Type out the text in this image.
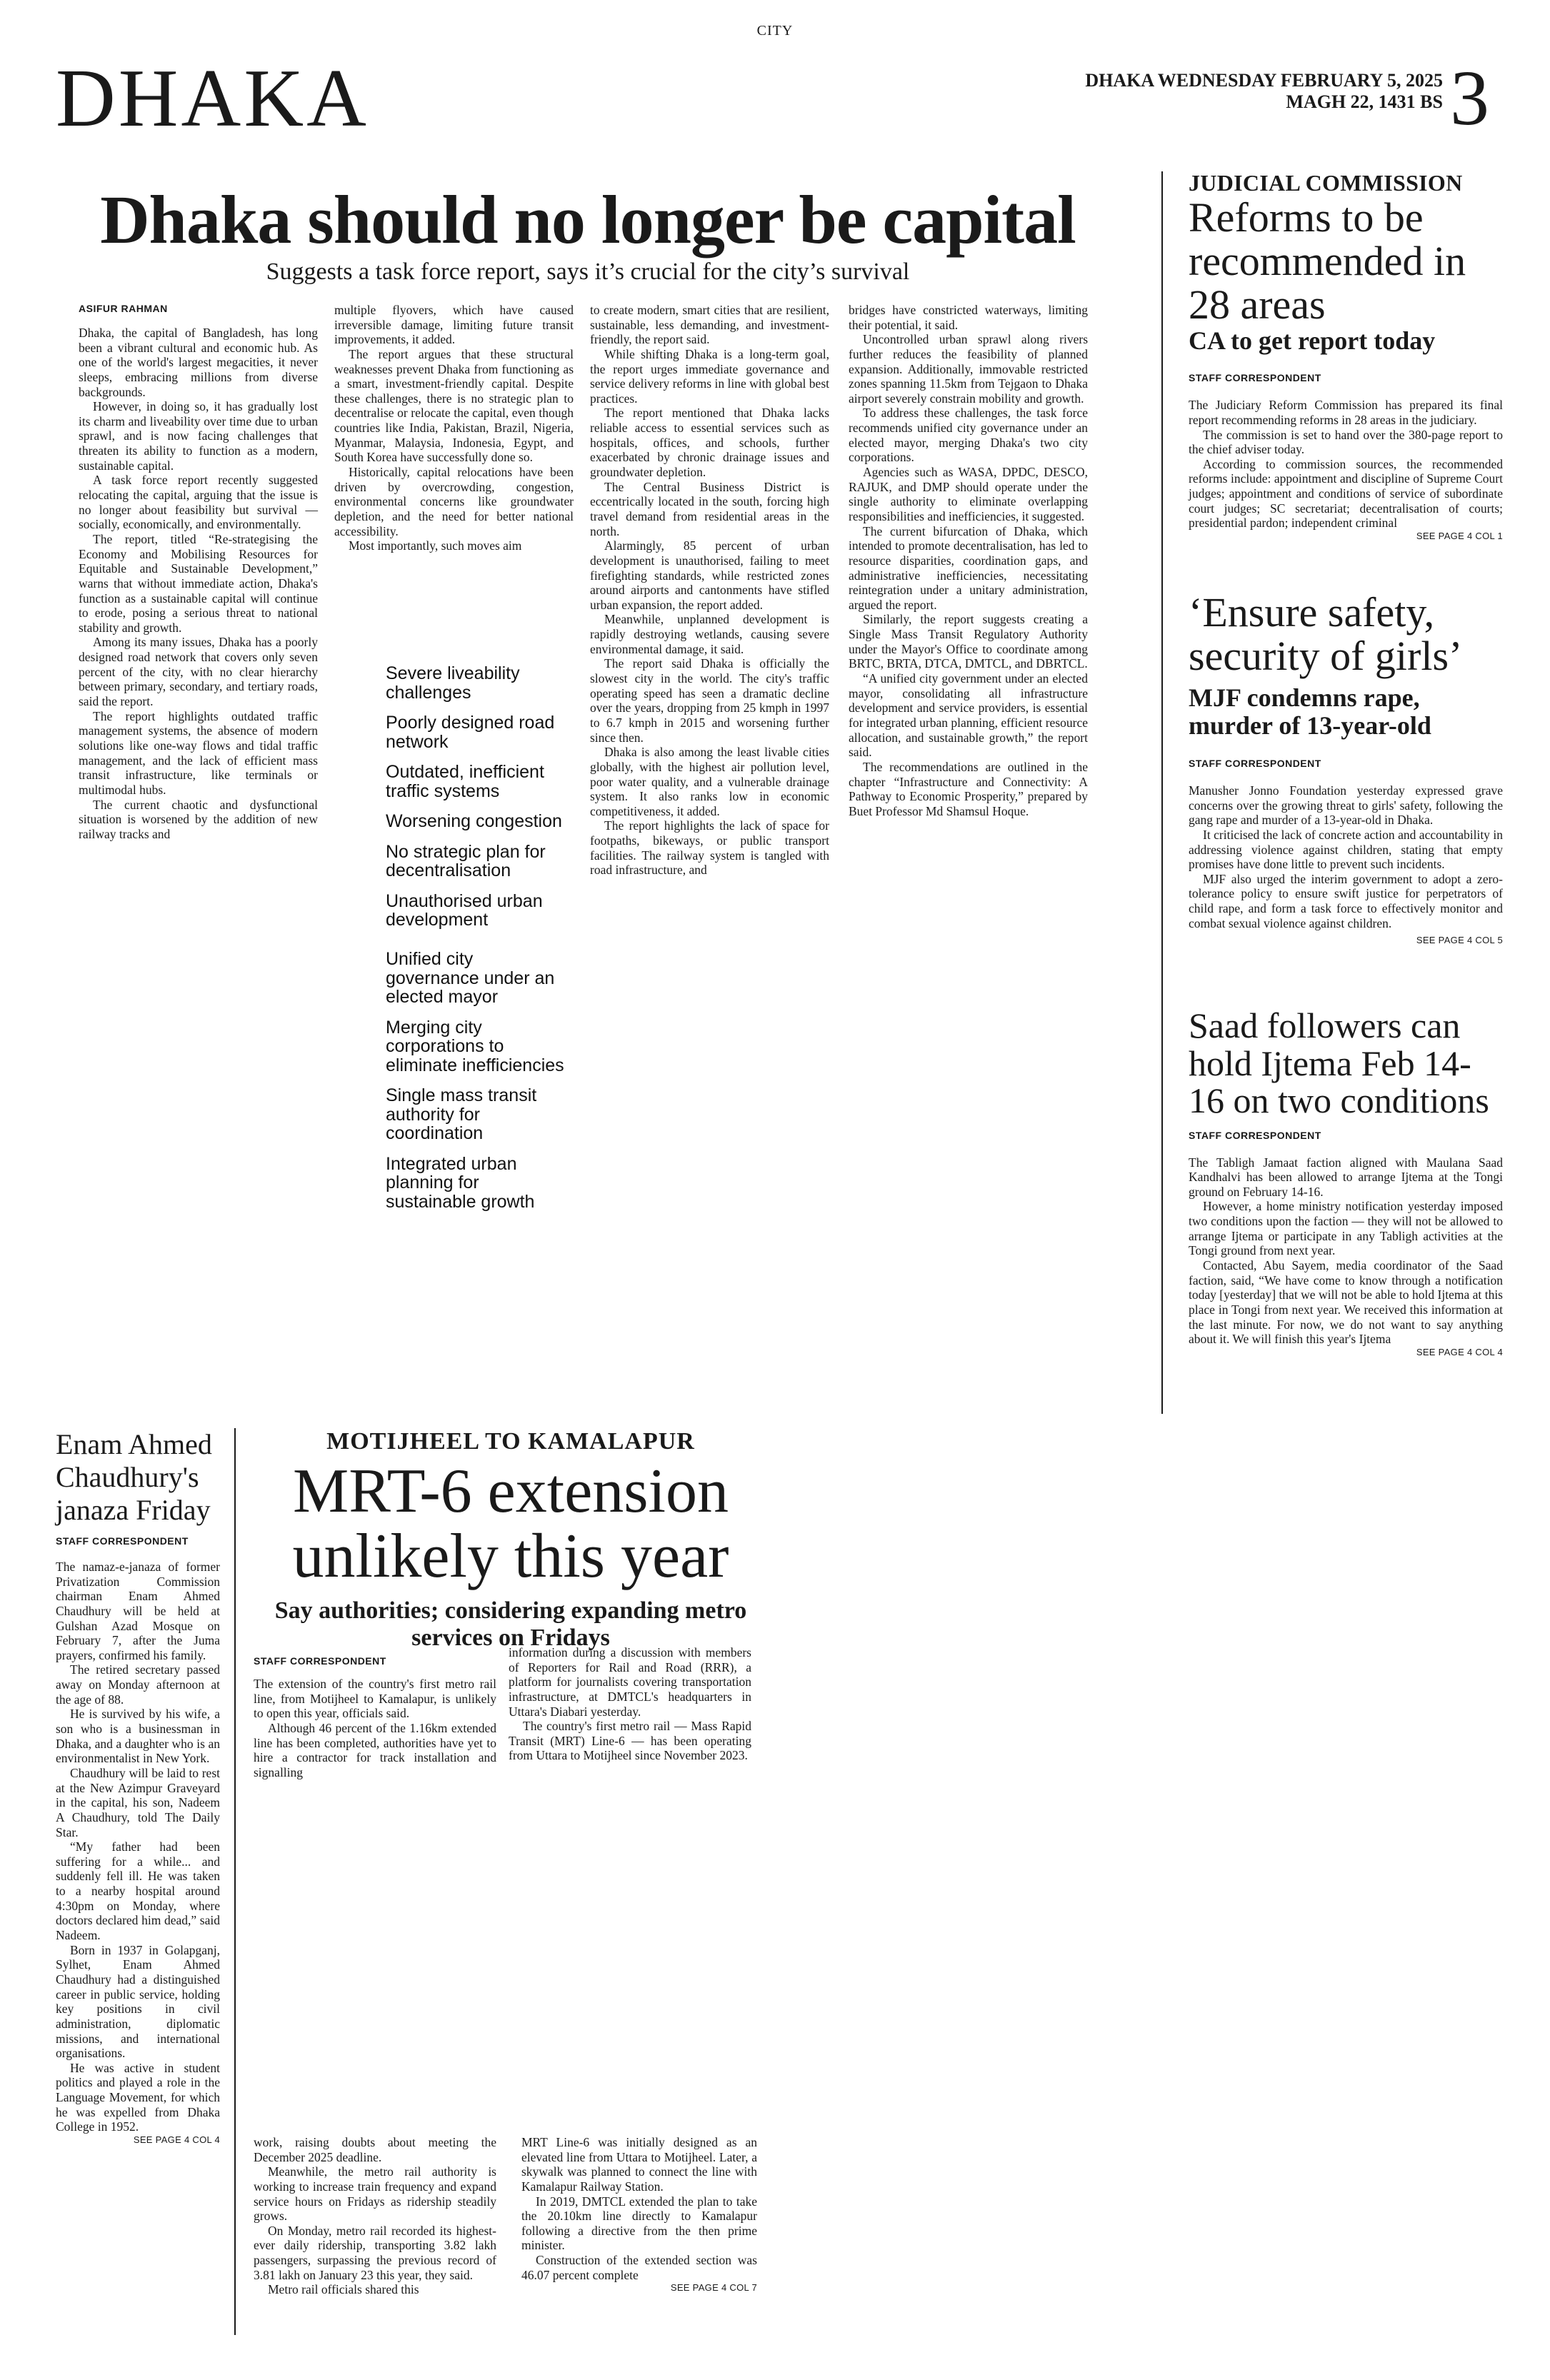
CITY
DHAKA	DHAKA WEDNESDAY FEBRUARY 5, 2025
MAGH 22, 1431 BS 3
Dhaka should no longer be capital
Suggests a task force report, says it’s crucial for the city’s survival
ASIFUR RAHMAN

Dhaka, the capital of Bangladesh, has long been a vibrant cultural and economic hub. As one of the world's largest megacities, it never sleeps, embracing millions from diverse backgrounds.

However, in doing so, it has gradually lost its charm and liveability over time due to urban sprawl, and is now facing challenges that threaten its ability to function as a modern, sustainable capital.

A task force report recently suggested relocating the capital, arguing that the issue is no longer about feasibility but survival — socially, economically, and environmentally.

The report, titled “Re-strategising the Economy and Mobilising Resources for Equitable and Sustainable Development,” warns that without immediate action, Dhaka's function as a sustainable capital will continue to erode, posing a serious threat to national stability and growth.

Among its many issues, Dhaka has a poorly designed road network that covers only seven percent of the city, with no clear hierarchy between primary, secondary, and tertiary roads, said the report.

The report highlights outdated traffic management systems, the absence of modern solutions like one-way flows and tidal traffic management, and the lack of efficient mass transit infrastructure, like terminals or multimodal hubs.

The current chaotic and dysfunctional situation is worsened by the addition of new railway tracks and

multiple flyovers, which have caused irreversible damage, limiting future transit improvements, it added.

The report argues that these structural weaknesses prevent Dhaka from functioning as a smart, investment-friendly capital. Despite these challenges, there is no strategic plan to decentralise or relocate the capital, even though countries like India, Pakistan, Brazil, Nigeria, Myanmar, Malaysia, Indonesia, Egypt, and South Korea have successfully done so.

Historically, capital relocations have been driven by overcrowding, congestion, environmental concerns like groundwater depletion, and the need for better national accessibility.

Most importantly, such moves aim

Severe liveability challenges
Poorly designed road network
Outdated, inefficient traffic systems
Worsening congestion
No strategic plan for decentralisation
Unauthorised urban development
Unified city governance under an elected mayor
Merging city corporations to eliminate inefficiencies
Single mass transit authority for coordination
Integrated urban planning for sustainable growth

to create modern, smart cities that are resilient, sustainable, less demanding, and investment-friendly, the report said.

While shifting Dhaka is a long-term goal, the report urges immediate governance and service delivery reforms in line with global best practices.

The report mentioned that Dhaka lacks reliable access to essential services such as hospitals, offices, and schools, further exacerbated by chronic drainage issues and groundwater depletion.

The Central Business District is eccentrically located in the south, forcing high travel demand from residential areas in the north.

Alarmingly, 85 percent of urban development is unauthorised, failing to meet firefighting standards, while restricted zones around airports and cantonments have stifled urban expansion, the report added.

Meanwhile, unplanned development is rapidly destroying wetlands, causing severe environmental damage, it said.

The report said Dhaka is officially the slowest city in the world. The city's traffic operating speed has seen a dramatic decline over the years, dropping from 25 kmph in 1997 to 6.7 kmph in 2015 and worsening further since then.

Dhaka is also among the least livable cities globally, with the highest air pollution level, poor water quality, and a vulnerable drainage system. It also ranks low in economic competitiveness, it added.

The report highlights the lack of space for footpaths, bikeways, or public transport facilities. The railway system is tangled with road infrastructure, and

bridges have constricted waterways, limiting their potential, it said.

Uncontrolled urban sprawl along rivers further reduces the feasibility of planned expansion. Additionally, immovable restricted zones spanning 11.5km from Tejgaon to Dhaka airport severely constrain mobility and growth.

To address these challenges, the task force recommends unified city governance under an elected mayor, merging Dhaka's two city corporations.

Agencies such as WASA, DPDC, DESCO, RAJUK, and DMP should operate under the single authority to eliminate overlapping responsibilities and inefficiencies, it suggested.

The current bifurcation of Dhaka, which intended to promote decentralisation, has led to resource disparities, coordination gaps, and administrative inefficiencies, necessitating reintegration under a unitary administration, argued the report.

Similarly, the report suggests creating a Single Mass Transit Regulatory Authority under the Mayor's Office to coordinate among BRTC, BRTA, DTCA, DMTCL, and DBRTCL.

“A unified city government under an elected mayor, consolidating all infrastructure development and service providers, is essential for integrated urban planning, efficient resource allocation, and sustainable growth,” the report said.

The recommendations are outlined in the chapter “Infrastructure and Connectivity: A Pathway to Economic Prosperity,” prepared by Buet Professor Md Shamsul Hoque.

JUDICIAL COMMISSION
Reforms to be recommended in 28 areas
CA to get report today
STAFF CORRESPONDENT

The Judiciary Reform Commission has prepared its final report recommending reforms in 28 areas in the judiciary.

The commission is set to hand over the 380-page report to the chief adviser today.

According to commission sources, the recommended reforms include: appointment and discipline of Supreme Court judges; appointment and conditions of service of subordinate court judges; SC secretariat; decentralisation of courts; presidential pardon; independent criminal

SEE PAGE 4 COL 1
‘Ensure safety, security of girls’
MJF condemns rape, murder of 13-year-old
STAFF CORRESPONDENT

Manusher Jonno Foundation yesterday expressed grave concerns over the growing threat to girls' safety, following the gang rape and murder of a 13-year-old in Dhaka.

It criticised the lack of concrete action and accountability in addressing violence against children, stating that empty promises have done little to prevent such incidents.

MJF also urged the interim government to adopt a zero-tolerance policy to ensure swift justice for perpetrators of child rape, and form a task force to effectively monitor and combat sexual violence against children.

SEE PAGE 4 COL 5
Saad followers can hold Ijtema Feb 14-16 on two conditions
STAFF CORRESPONDENT

The Tabligh Jamaat faction aligned with Maulana Saad Kandhalvi has been allowed to arrange Ijtema at the Tongi ground on February 14-16.

However, a home ministry notification yesterday imposed two conditions upon the faction — they will not be allowed to arrange Ijtema or participate in any Tabligh activities at the Tongi ground from next year.

Contacted, Abu Sayem, media coordinator of the Saad faction, said, “We have come to know through a notification today [yesterday] that we will not be able to hold Ijtema at this place in Tongi from next year. We received this information at the last minute. For now, we do not want to say anything about it. We will finish this year's Ijtema

SEE PAGE 4 COL 4
Enam Ahmed Chaudhury's janaza Friday
STAFF CORRESPONDENT

The namaz-e-janaza of former Privatization Commission chairman Enam Ahmed Chaudhury will be held at Gulshan Azad Mosque on February 7, after the Juma prayers, confirmed his family.

The retired secretary passed away on Monday afternoon at the age of 88.

He is survived by his wife, a son who is a businessman in Dhaka, and a daughter who is an environmentalist in New York.

Chaudhury will be laid to rest at the New Azimpur Graveyard in the capital, his son, Nadeem A Chaudhury, told The Daily Star.

“My father had been suffering for a while... and suddenly fell ill. He was taken to a nearby hospital around 4:30pm on Monday, where doctors declared him dead,” said Nadeem.

Born in 1937 in Golapganj, Sylhet, Enam Ahmed Chaudhury had a distinguished career in public service, holding key positions in civil administration, diplomatic missions, and international organisations.

He was active in student politics and played a role in the Language Movement, for which he was expelled from Dhaka College in 1952.

SEE PAGE 4 COL 4
MOTIJHEEL TO KAMALAPUR
MRT-6 extension unlikely this year
Say authorities; considering expanding metro services on Fridays
STAFF CORRESPONDENT

The extension of the country's first metro rail line, from Motijheel to Kamalapur, is unlikely to open this year, officials said.

Although 46 percent of the 1.16km extended line has been completed, authorities have yet to hire a contractor for track installation and signalling

information during a discussion with members of Reporters for Rail and Road (RRR), a platform for journalists covering transportation infrastructure, at DMTCL's headquarters in Uttara's Diabari yesterday.

The country's first metro rail — Mass Rapid Transit (MRT) Line-6 — has been operating from Uttara to Motijheel since November 2023.

work, raising doubts about meeting the December 2025 deadline.

Meanwhile, the metro rail authority is working to increase train frequency and expand service hours on Fridays as ridership steadily grows.

On Monday, metro rail recorded its highest-ever daily ridership, transporting 3.82 lakh passengers, surpassing the previous record of 3.81 lakh on January 23 this year, they said.

Metro rail officials shared this

MRT Line-6 was initially designed as an elevated line from Uttara to Motijheel. Later, a skywalk was planned to connect the line with Kamalapur Railway Station.

In 2019, DMTCL extended the plan to take the 20.10km line directly to Kamalapur following a directive from the then prime minister.

Construction of the extended section was 46.07 percent complete

SEE PAGE 4 COL 7
